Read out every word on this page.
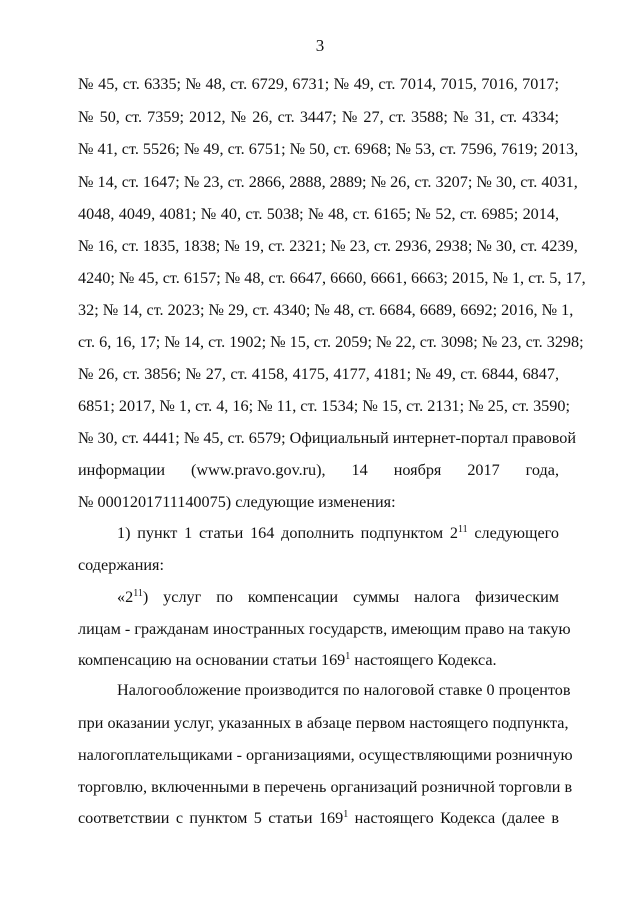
3
№ 45, ст. 6335; № 48, ст. 6729, 6731; № 49, ст. 7014, 7015, 7016, 7017;
№ 50, ст. 7359; 2012, № 26, ст. 3447; № 27, ст. 3588; № 31, ст. 4334;
№ 41, ст. 5526; № 49, ст. 6751; № 50, ст. 6968; № 53, ст. 7596, 7619; 2013,
№ 14, ст. 1647; № 23, ст. 2866, 2888, 2889; № 26, ст. 3207; № 30, ст. 4031,
4048, 4049, 4081; № 40, ст. 5038; № 48, ст. 6165; № 52, ст. 6985; 2014,
№ 16, ст. 1835, 1838; № 19, ст. 2321; № 23, ст. 2936, 2938; № 30, ст. 4239,
4240; № 45, ст. 6157; № 48, ст. 6647, 6660, 6661, 6663; 2015, № 1, ст. 5, 17,
32; № 14, ст. 2023; № 29, ст. 4340; № 48, ст. 6684, 6689, 6692; 2016, № 1,
ст. 6, 16, 17; № 14, ст. 1902; № 15, ст. 2059; № 22, ст. 3098; № 23, ст. 3298;
№ 26, ст. 3856; № 27, ст. 4158, 4175, 4177, 4181; № 49, ст. 6844, 6847,
6851; 2017, № 1, ст. 4, 16; № 11, ст. 1534; № 15, ст. 2131; № 25, ст. 3590;
№ 30, ст. 4441; № 45, ст. 6579; Официальный интернет-портал правовой
информации (www.pravo.gov.ru), 14 ноября 2017 года,
№ 0001201711140075) следующие изменения:
1) пункт 1 статьи 164 дополнить подпунктом $2^{11}$ следующего
содержания:
«$2^{11}$) услуг по компенсации суммы налога физическим
лицам - гражданам иностранных государств, имеющим право на такую
компенсацию на основании статьи $169^1$ настоящего Кодекса.
Налогообложение производится по налоговой ставке 0 процентов
при оказании услуг, указанных в абзаце первом настоящего подпункта,
налогоплательщиками - организациями, осуществляющими розничную
торговлю, включенными в перечень организаций розничной торговли в
соответствии с пунктом 5 статьи $169^1$ настоящего Кодекса (далее в
